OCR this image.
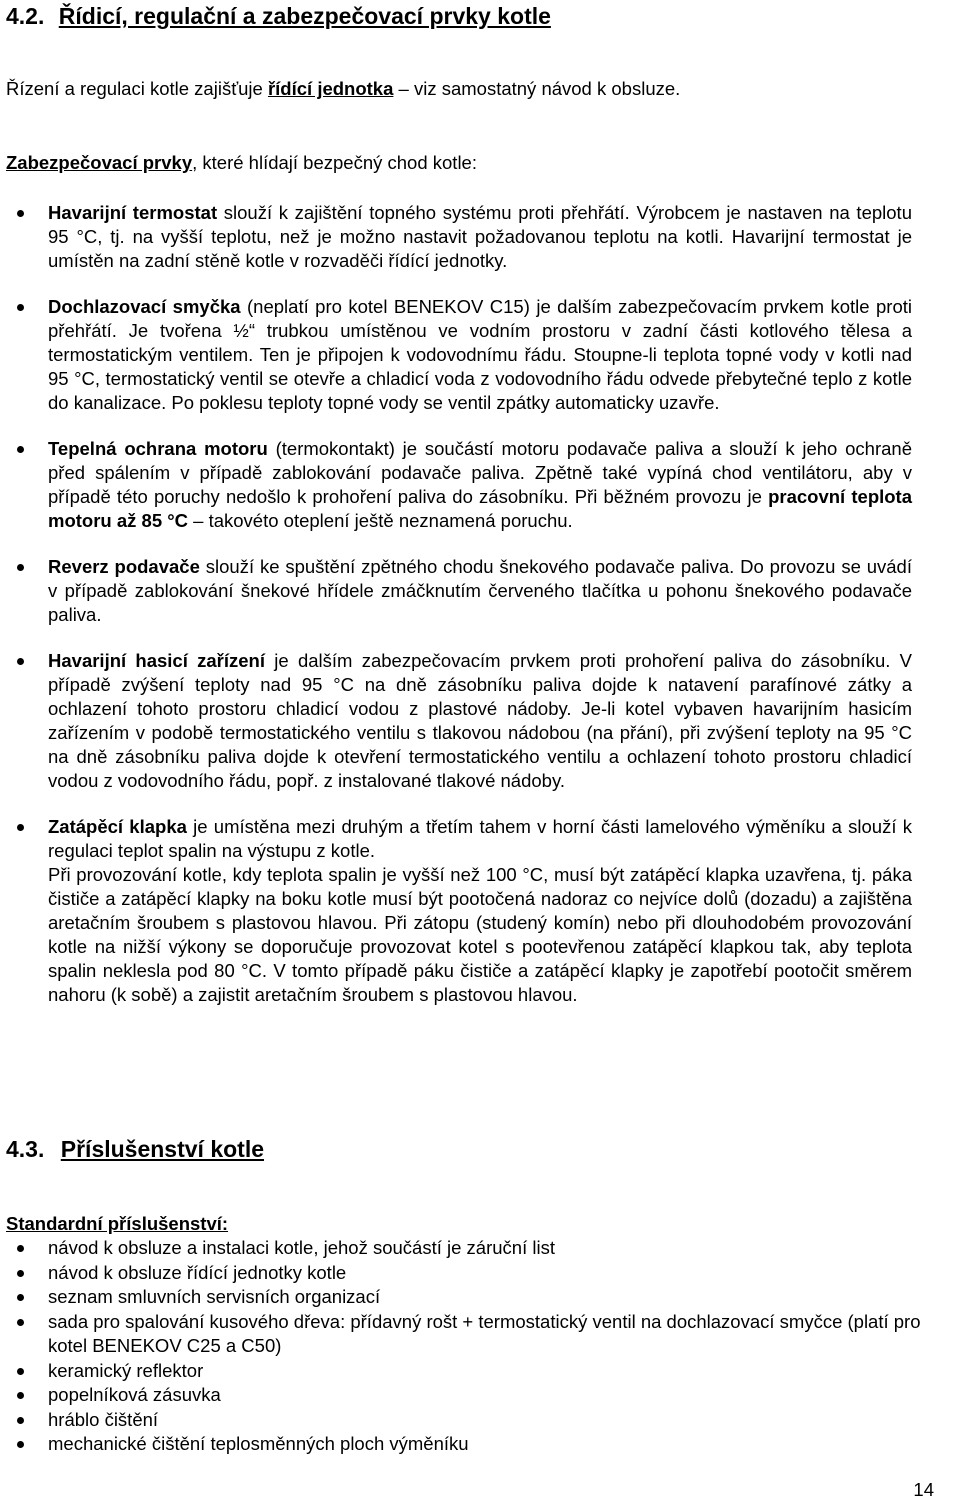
4.2. Řídicí, regulační a zabezpečovací prvky kotle

Řízení a regulaci kotle zajišťuje řídící jednotka – viz samostatný návod k obsluze.

Zabezpečovací prvky, které hlídají bezpečný chod kotle:

Havarijní termostat slouží k zajištění topného systému proti přehřátí. Výrobcem je nastaven na teplotu 95 °C, tj. na vyšší teplotu, než je možno nastavit požadovanou teplotu na kotli. Havarijní termostat je umístěn na zadní stěně kotle v rozvaděči řídící jednotky.
Dochlazovací smyčka (neplatí pro kotel BENEKOV C15) je dalším zabezpečovacím prvkem kotle proti přehřátí. Je tvořena ½“ trubkou umístěnou ve vodním prostoru v zadní části kotlového tělesa a termostatickým ventilem. Ten je připojen k vodovodnímu řádu. Stoupne-li teplota topné vody v kotli nad 95 °C, termostatický ventil se otevře a chladicí voda z vodovodního řádu odvede přebytečné teplo z kotle do kanalizace. Po poklesu teploty topné vody se ventil zpátky automaticky uzavře.
Tepelná ochrana motoru (termokontakt) je součástí motoru podavače paliva a slouží k jeho ochraně před spálením v případě zablokování podavače paliva. Zpětně také vypíná chod ventilátoru, aby v případě této poruchy nedošlo k prohoření paliva do zásobníku. Při běžném provozu je pracovní teplota motoru až 85 °C – takovéto oteplení ještě neznamená poruchu.
Reverz podavače slouží ke spuštění zpětného chodu šnekového podavače paliva. Do provozu se uvádí v případě zablokování šnekové hřídele zmáčknutím červeného tlačítka u pohonu šnekového podavače paliva.
Havarijní hasicí zařízení je dalším zabezpečovacím prvkem proti prohoření paliva do zásobníku. V případě zvýšení teploty nad 95 °C na dně zásobníku paliva dojde k natavení parafínové zátky a ochlazení tohoto prostoru chladicí vodou z plastové nádoby. Je-li kotel vybaven havarijním hasicím zařízením v podobě termostatického ventilu s tlakovou nádobou (na přání), při zvýšení teploty na 95 °C na dně zásobníku paliva dojde k otevření termostatického ventilu a ochlazení tohoto prostoru chladicí vodou z vodovodního řádu, popř. z instalované tlakové nádoby.
Zatápěcí klapka je umístěna mezi druhým a třetím tahem v horní části lamelového výměníku a slouží k regulaci teplot spalin na výstupu z kotle.
Při provozování kotle, kdy teplota spalin je vyšší než 100 °C, musí být zatápěcí klapka uzavřena, tj. páka čističe a zatápěcí klapky na boku kotle musí být pootočená nadoraz co nejvíce dolů (dozadu) a zajištěna aretačním šroubem s plastovou hlavou. Při zátopu (studený komín) nebo při dlouhodobém provozování kotle na nižší výkony se doporučuje provozovat kotel s pootevřenou zatápěcí klapkou tak, aby teplota spalin neklesla pod 80 °C. V tomto případě páku čističe a zatápěcí klapky je zapotřebí pootočit směrem nahoru (k sobě) a zajistit aretačním šroubem s plastovou hlavou.
4.3. Příslušenství kotle

Standardní příslušenství:

návod k obsluze a instalaci kotle, jehož součástí je záruční list
návod k obsluze řídící jednotky kotle
seznam smluvních servisních organizací
sada pro spalování kusového dřeva: přídavný rošt + termostatický ventil na dochlazovací smyčce (platí pro kotel BENEKOV C25 a C50)
keramický reflektor
popelníková zásuvka
hráblo čištění
mechanické čištění teplosměnných ploch výměníku
14
